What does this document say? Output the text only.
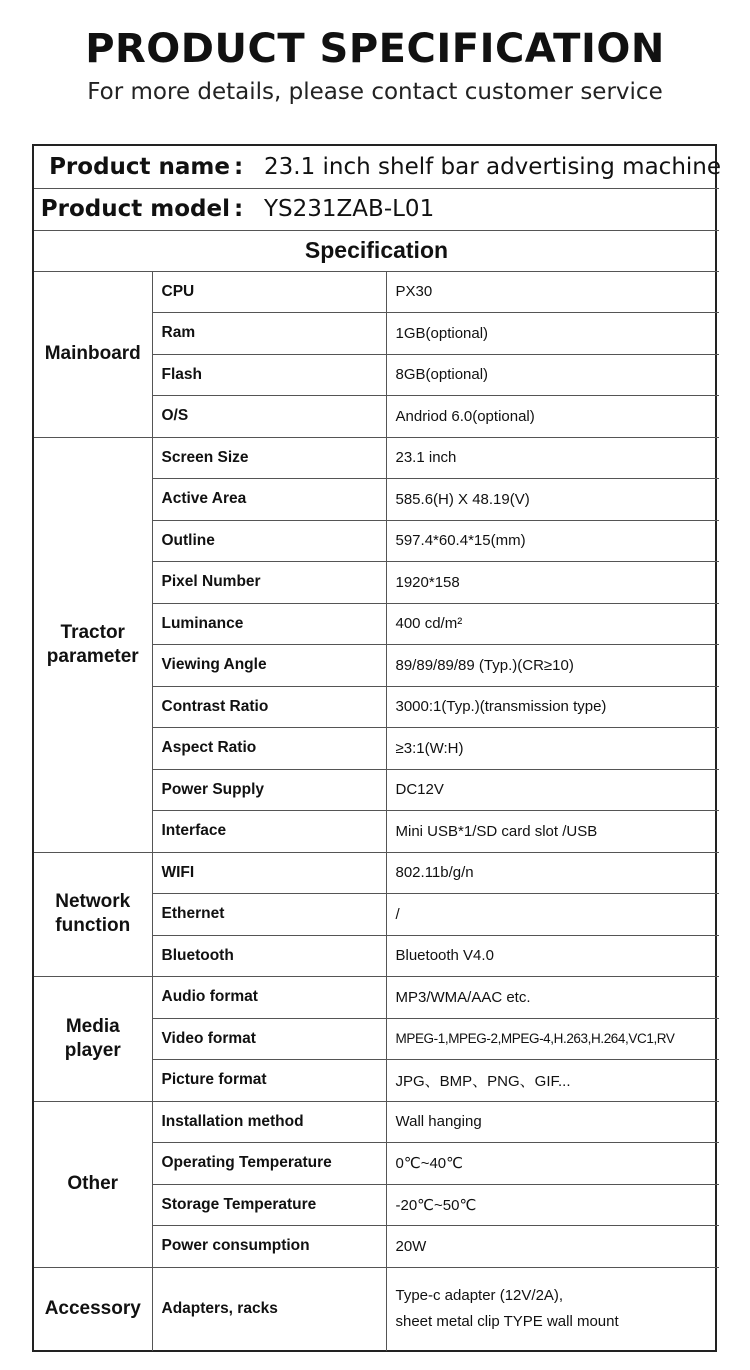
PRODUCT SPECIFICATION
For more details, please contact customer service
Product name	:	23.1 inch shelf bar advertising machine

Product model	:	YS231ZAB-L01

Specification
Mainboard	CPU	PX30
Ram	1GB(optional)
Flash	8GB(optional)
O/S	Andriod 6.0(optional)
Tractor
parameter	Screen Size	23.1 inch
Active Area	585.6(H) X 48.19(V)
Outline	597.4*60.4*15(mm)
Pixel Number	1920*158
Luminance	400 cd/m²
Viewing Angle	89/89/89/89 (Typ.)(CR≥10)
Contrast Ratio	3000:1(Typ.)(transmission type)
Aspect Ratio	≥3:1(W:H)
Power Supply	DC12V
Interface	Mini USB*1/SD card slot /USB
Network
function	WIFI	802.11b/g/n
Ethernet	/
Bluetooth	Bluetooth V4.0
Media
player	Audio format	MP3/WMA/AAC etc.
Video format	MPEG-1,MPEG-2,MPEG-4,H.263,H.264,VC1,RV
Picture format	JPG、BMP、PNG、GIF...
Other	Installation method	Wall hanging
Operating Temperature	0℃~40℃
Storage Temperature	-20℃~50℃
Power consumption	20W
Accessory	Adapters, racks	
Type-c adapter (12V/2A),
sheet metal clip TYPE wall mount
